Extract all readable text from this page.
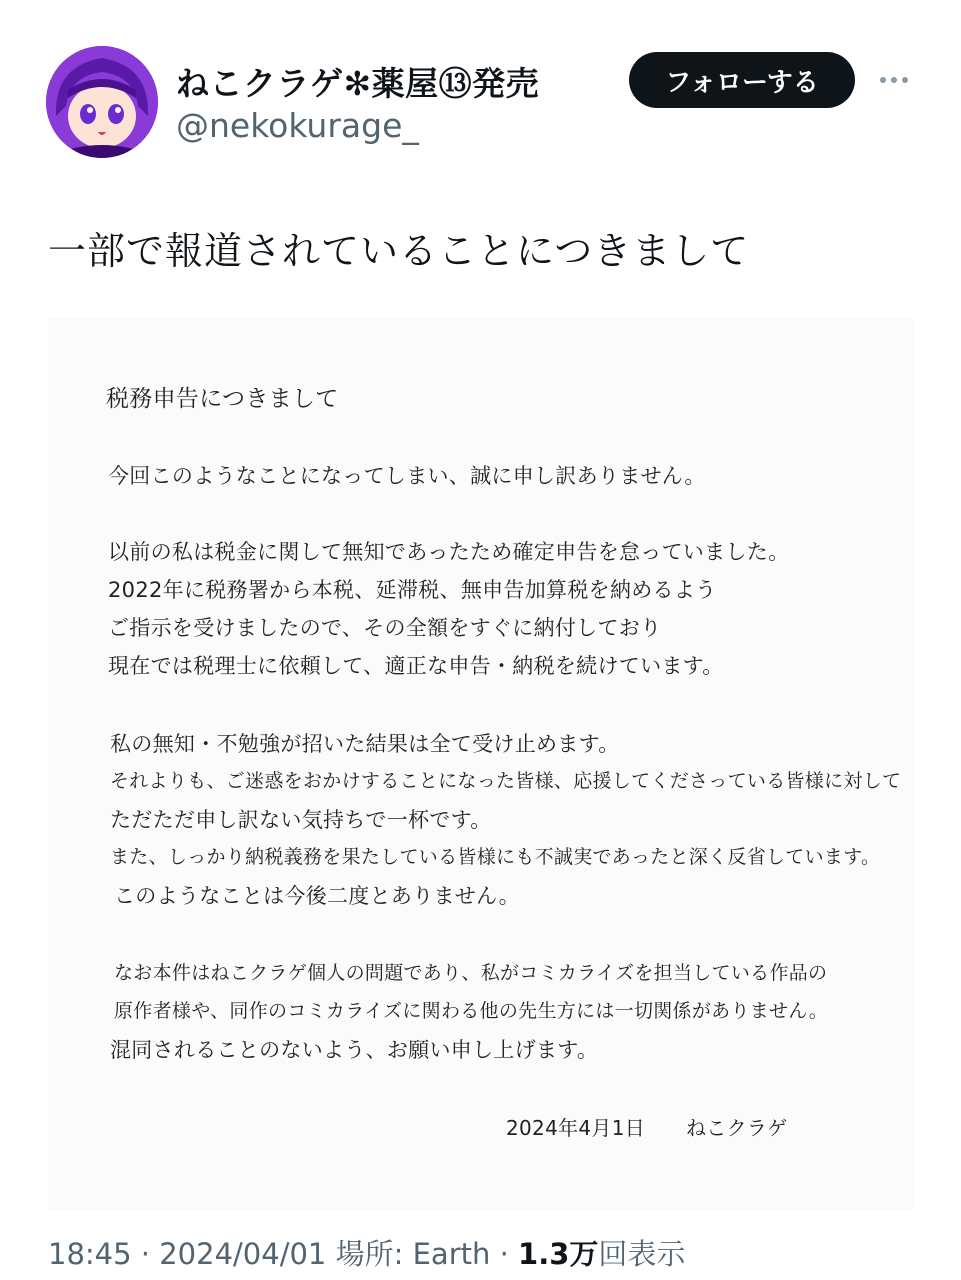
ねこクラゲ✻薬屋⑬発売
@nekokurage_
フォローする
一部で報道されていることにつきまして
税務申告につきまして
今回このようなことになってしまい、誠に申し訳ありません。
以前の私は税金に関して無知であったため確定申告を怠っていました。
2022年に税務署から本税、延滞税、無申告加算税を納めるよう
ご指示を受けましたので、その全額をすぐに納付しており
現在では税理士に依頼して、適正な申告・納税を続けています。
私の無知・不勉強が招いた結果は全て受け止めます。
それよりも、ご迷惑をおかけすることになった皆様、応援してくださっている皆様に対して
ただただ申し訳ない気持ちで一杯です。
また、しっかり納税義務を果たしている皆様にも不誠実であったと深く反省しています。
このようなことは今後二度とありません。
なお本件はねこクラゲ個人の問題であり、私がコミカライズを担当している作品の
原作者様や、同作のコミカライズに関わる他の先生方には一切関係がありません。
混同されることのないよう、お願い申し上げます。
2024年4月1日 ねこクラゲ
18:45 · 2024/04/01 場所: Earth · 1.3万回表示
